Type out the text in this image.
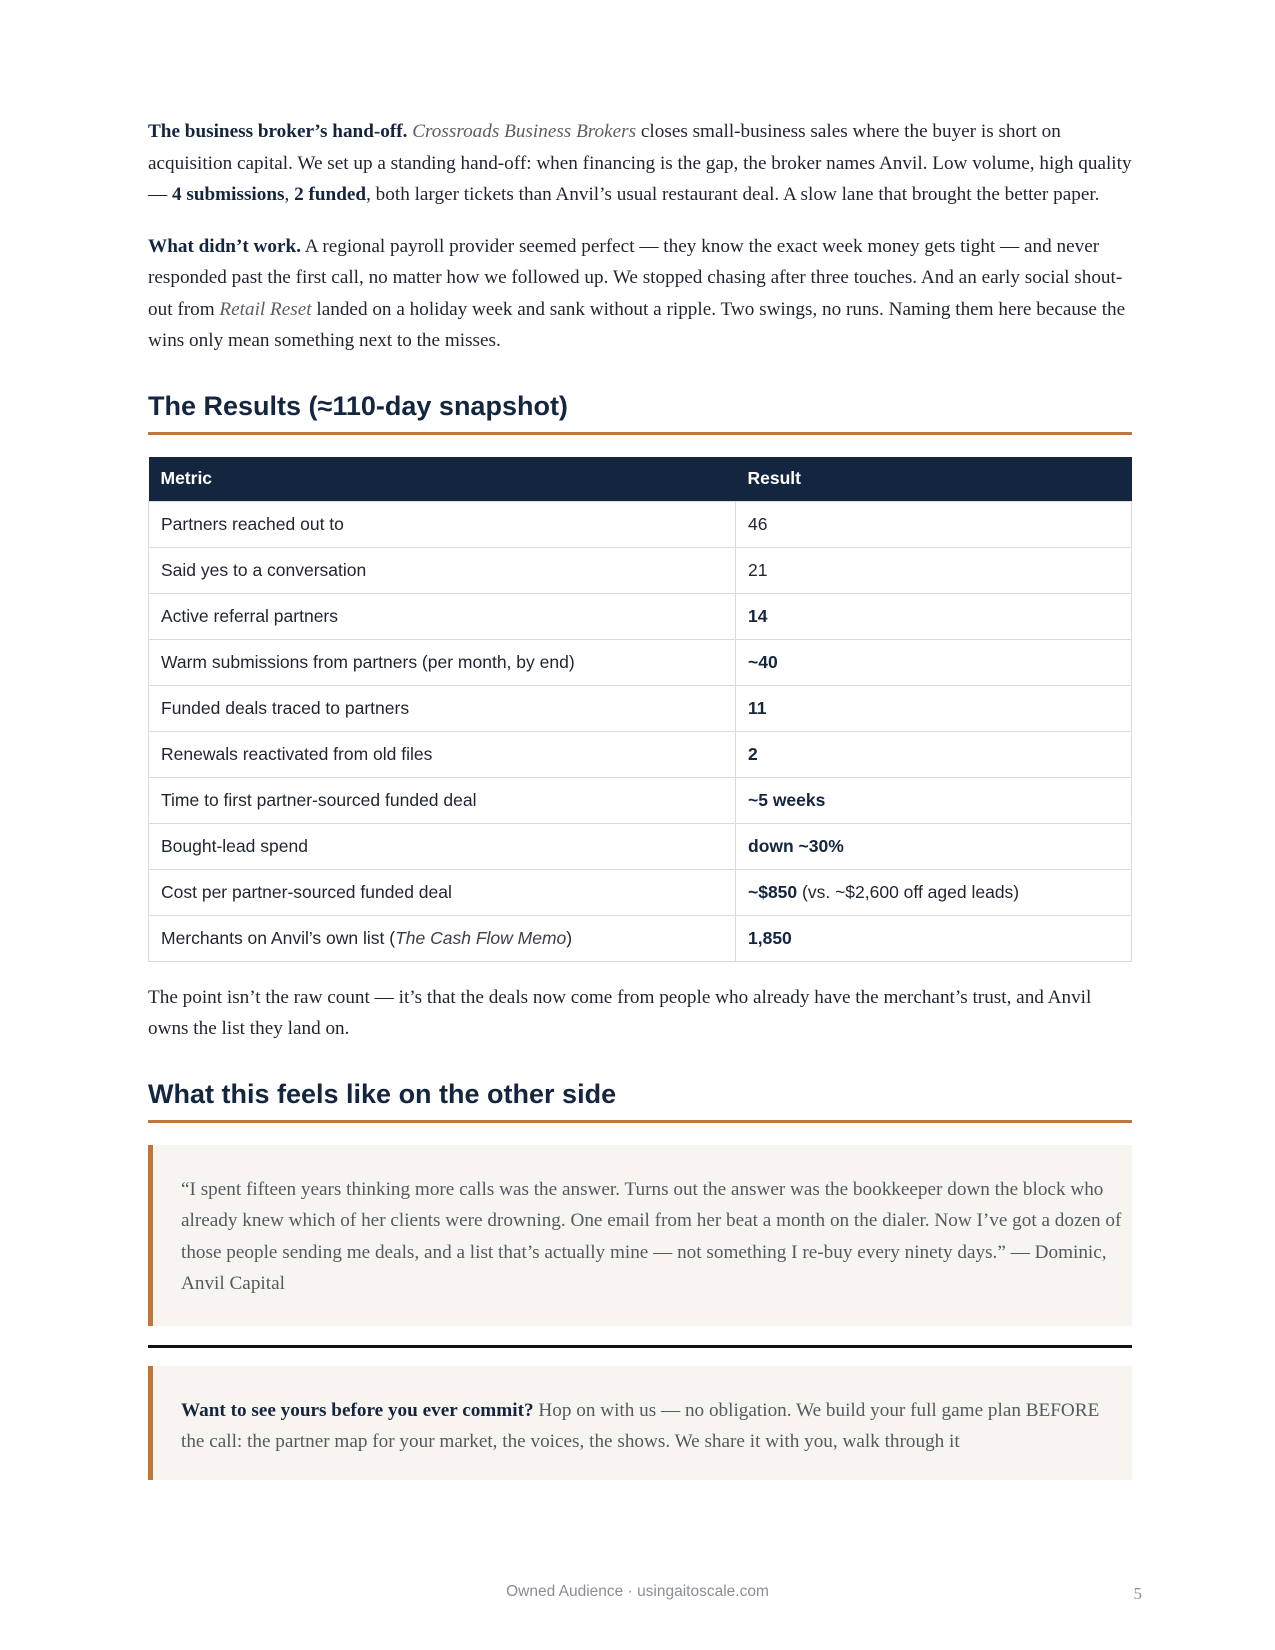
The business broker’s hand-off. Crossroads Business Brokers closes small-business sales where the buyer is short on acquisition capital. We set up a standing hand-off: when financing is the gap, the broker names Anvil. Low volume, high quality — 4 submissions, 2 funded, both larger tickets than Anvil’s usual restaurant deal. A slow lane that brought the better paper.

What didn’t work. A regional payroll provider seemed perfect — they know the exact week money gets tight — and never responded past the first call, no matter how we followed up. We stopped chasing after three touches. And an early social shout-out from Retail Reset landed on a holiday week and sank without a ripple. Two swings, no runs. Naming them here because the wins only mean something next to the misses.

The Results (≈110-day snapshot)
Metric	Result
Partners reached out to	46
Said yes to a conversation	21
Active referral partners	14
Warm submissions from partners (per month, by end)	~40
Funded deals traced to partners	11
Renewals reactivated from old files	2
Time to first partner-sourced funded deal	~5 weeks
Bought-lead spend	down ~30%
Cost per partner-sourced funded deal	~$850 (vs. ~$2,600 off aged leads)
Merchants on Anvil’s own list (The Cash Flow Memo)	1,850

The point isn’t the raw count — it’s that the deals now come from people who already have the merchant’s trust, and Anvil owns the list they land on.

What this feels like on the other side

“I spent fifteen years thinking more calls was the answer. Turns out the answer was the bookkeeper down the block who already knew which of her clients were drowning. One email from her beat a month on the dialer. Now I’ve got a dozen of those people sending me deals, and a list that’s actually mine — not something I re-buy every ninety days.” — Dominic, Anvil Capital

Want to see yours before you ever commit? Hop on with us — no obligation. We build your full game plan BEFORE the call: the partner map for your market, the voices, the shows. We share it with you, walk through it

Owned Audience · usingaitoscale.com	5
